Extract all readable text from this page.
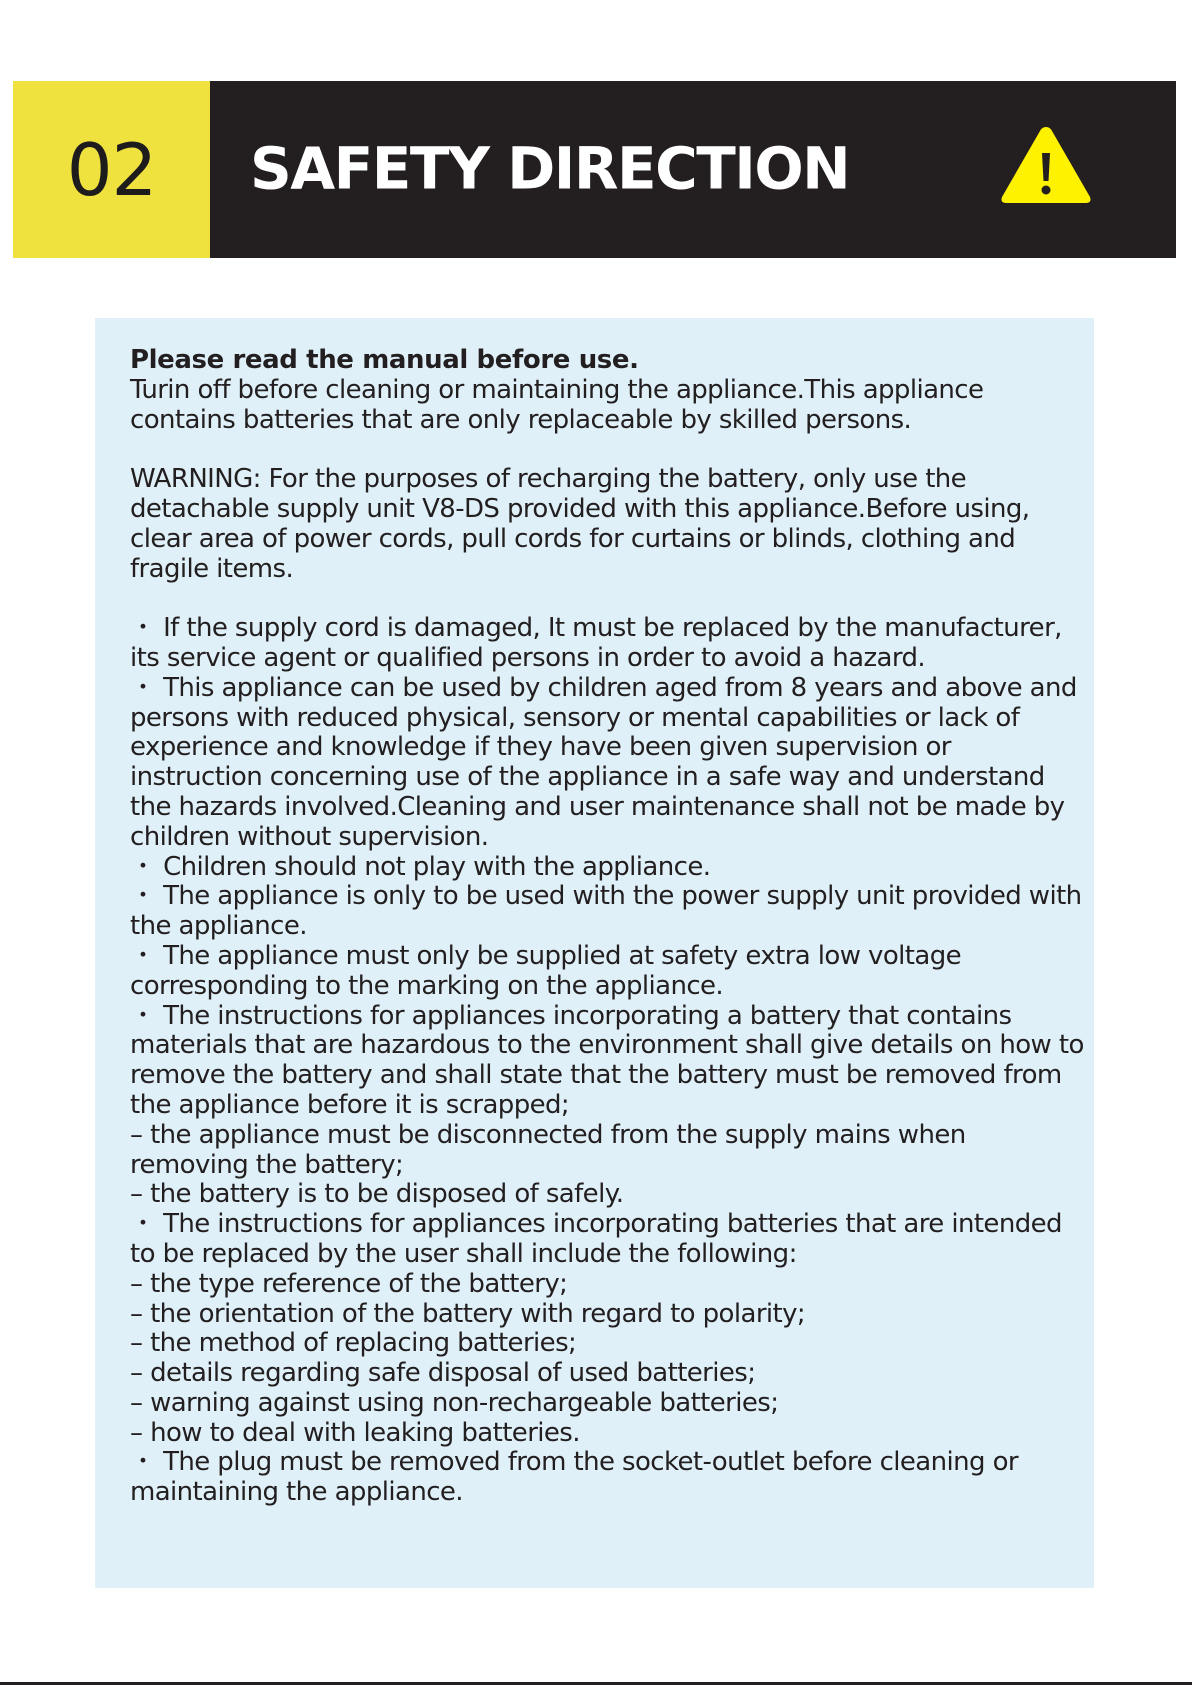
02	SAFETY DIRECTION

Please read the manual before use.

Turin off before cleaning or maintaining the appliance.This appliance contains batteries that are only replaceable by skilled persons.

WARNING: For the purposes of recharging the battery, only use the detachable supply unit V8-DS provided with this appliance.Before using, clear area of power cords, pull cords for curtains or blinds, clothing and fragile items.

・ If the supply cord is damaged, It must be replaced by the manufacturer, its service agent or qualified persons in order to avoid a hazard.

・ This appliance can be used by children aged from 8 years and above and persons with reduced physical, sensory or mental capabilities or lack of experience and knowledge if they have been given supervision or instruction concerning use of the appliance in a safe way and understand the hazards involved.Cleaning and user maintenance shall not be made by children without supervision.

・ Children should not play with the appliance.

・ The appliance is only to be used with the power supply unit provided with the appliance.

・ The appliance must only be supplied at safety extra low voltage corresponding to the marking on the appliance.

・ The instructions for appliances incorporating a battery that contains materials that are hazardous to the environment shall give details on how to remove the battery and shall state that the battery must be removed from the appliance before it is scrapped;

– the appliance must be disconnected from the supply mains when removing the battery;

– the battery is to be disposed of safely.

・ The instructions for appliances incorporating batteries that are intended to be replaced by the user shall include the following:

– the type reference of the battery;

– the orientation of the battery with regard to polarity;

– the method of replacing batteries;

– details regarding safe disposal of used batteries;

– warning against using non-rechargeable batteries;

– how to deal with leaking batteries.

・ The plug must be removed from the socket-outlet before cleaning or maintaining the appliance.
